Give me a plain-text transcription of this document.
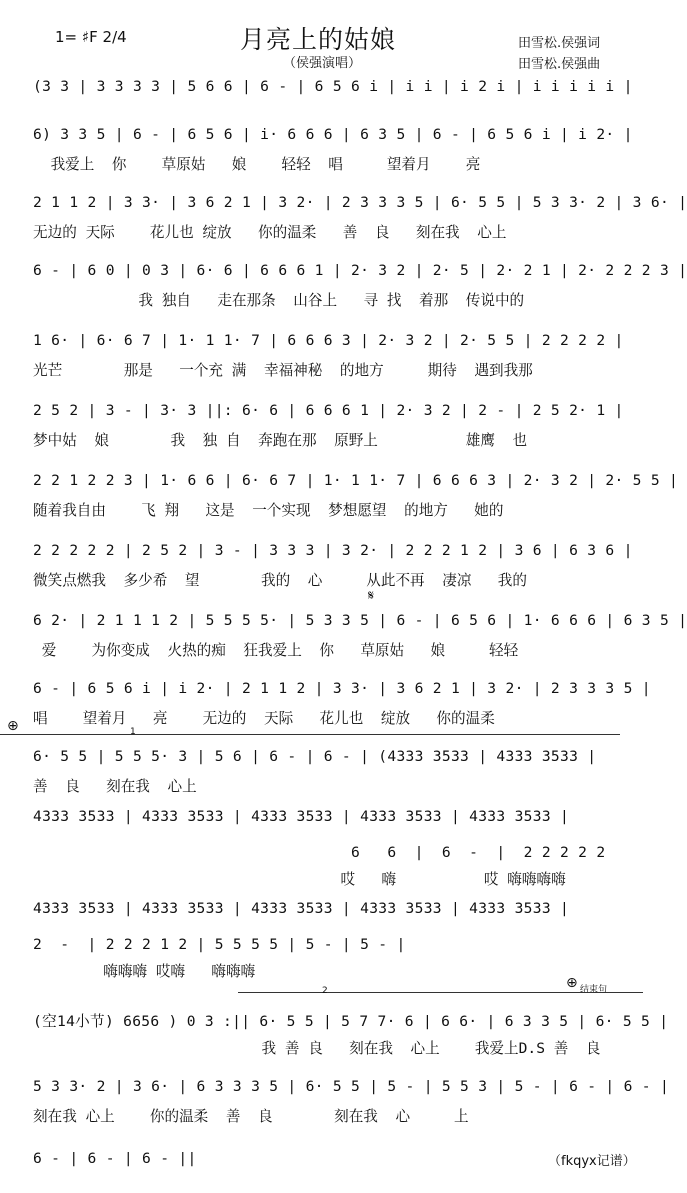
1= ♯F 2/4	月亮上的姑娘
（侯强演唱）
田雪松.侯强词
田雪松.侯强曲
(3 3 | 3 3 3 3 | 5 6 6 | 6 - | 6 5 6 i | i i | i 2 i | i i i i i |
6) 3 3 5 | 6 - | 6 5 6 | i· 6 6 6 | 6 3 5 | 6 - | 6 5 6 i | i 2· |
我爱上  你    草原姑   娘    轻轻  唱     望着月    亮
2 1 1 2 | 3 3· | 3 6 2 1 | 3 2· | 2 3 3 3 5 | 6· 5 5 | 5 3 3· 2 | 3 6· |
无边的 天际    花儿也 绽放   你的温柔   善  良   刻在我  心上
6 - | 6 0 | 0 3 | 6· 6 | 6 6 6 1 | 2· 3 2 | 2· 5 | 2· 2 1 | 2· 2 2 2 3 |
我 独自   走在那条  山谷上   寻 找  着那  传说中的
1 6· | 6· 6 7 | 1· 1 1· 7 | 6 6 6 3 | 2· 3 2 | 2· 5 5 | 2 2 2 2 |
光芒       那是   一个充 满  幸福神秘  的地方     期待  遇到我那
2 5 2 | 3 - | 3· 3 ||: 6· 6 | 6 6 6 1 | 2· 3 2 | 2 - | 2 5 2· 1 |
梦中姑  娘       我  独 自  奔跑在那  原野上          雄鹰  也
2 2 1 2 2 3 | 1· 6 6 | 6· 6 7 | 1· 1 1· 7 | 6 6 6 3 | 2· 3 2 | 2· 5 5 |
随着我自由    飞 翔   这是  一个实现  梦想愿望  的地方   她的
2 2 2 2 2 | 2 5 2 | 3 - | 3 3 3 | 3 2· | 2 2 2 1 2 | 3 6 | 6 3 6 |
微笑点燃我  多少希  望       我的  心     从此不再  凄凉   我的
6 2· | 2 1 1 1 2 | 5 5 5 5· | 5 3 3 5 | 6 - | 6 5 6 | 1· 6 6 6 | 6 3 5 |
爱    为你变成  火热的痴  狂我爱上  你   草原姑   娘     轻轻
6 - | 6 5 6 i | i 2· | 2 1 1 2 | 3 3· | 3 6 2 1 | 3 2· | 2 3 3 3 5 |
唱    望着月   亮    无边的  天际   花儿也  绽放   你的温柔
6· 5 5 | 5 5 5· 3 | 5 6 | 6 - | 6 - | (4333 3533 | 4333 3533 |
善  良   刻在我  心上
4333 3533 | 4333 3533 | 4333 3533 | 4333 3533 | 4333 3533 |
6   6  |  6  -  |  2 2 2 2 2
哎   嗨          哎 嗨嗨嗨嗨
4333 3533 | 4333 3533 | 4333 3533 | 4333 3533 | 4333 3533 |
2  -  | 2 2 2 1 2 | 5 5 5 5 | 5 - | 5 - |
嗨嗨嗨 哎嗨   嗨嗨嗨
(空14小节) 6656 ) 0 3 :|| 6· 5 5 | 5 7 7· 6 | 6 6· | 6 3 3 5 | 6· 5 5 |
我 善 良   刻在我  心上    我爱上D.S 善  良
5 3 3· 2 | 3 6· | 6 3 3 3 5 | 6· 5 5 | 5 - | 5 5 3 | 5 - | 6 - | 6 - |
刻在我 心上    你的温柔  善  良       刻在我  心     上
6 - | 6 - | 6 - ||
𝄋
⊕
⊕ 结束句
1
2
（fkqyx记谱）
